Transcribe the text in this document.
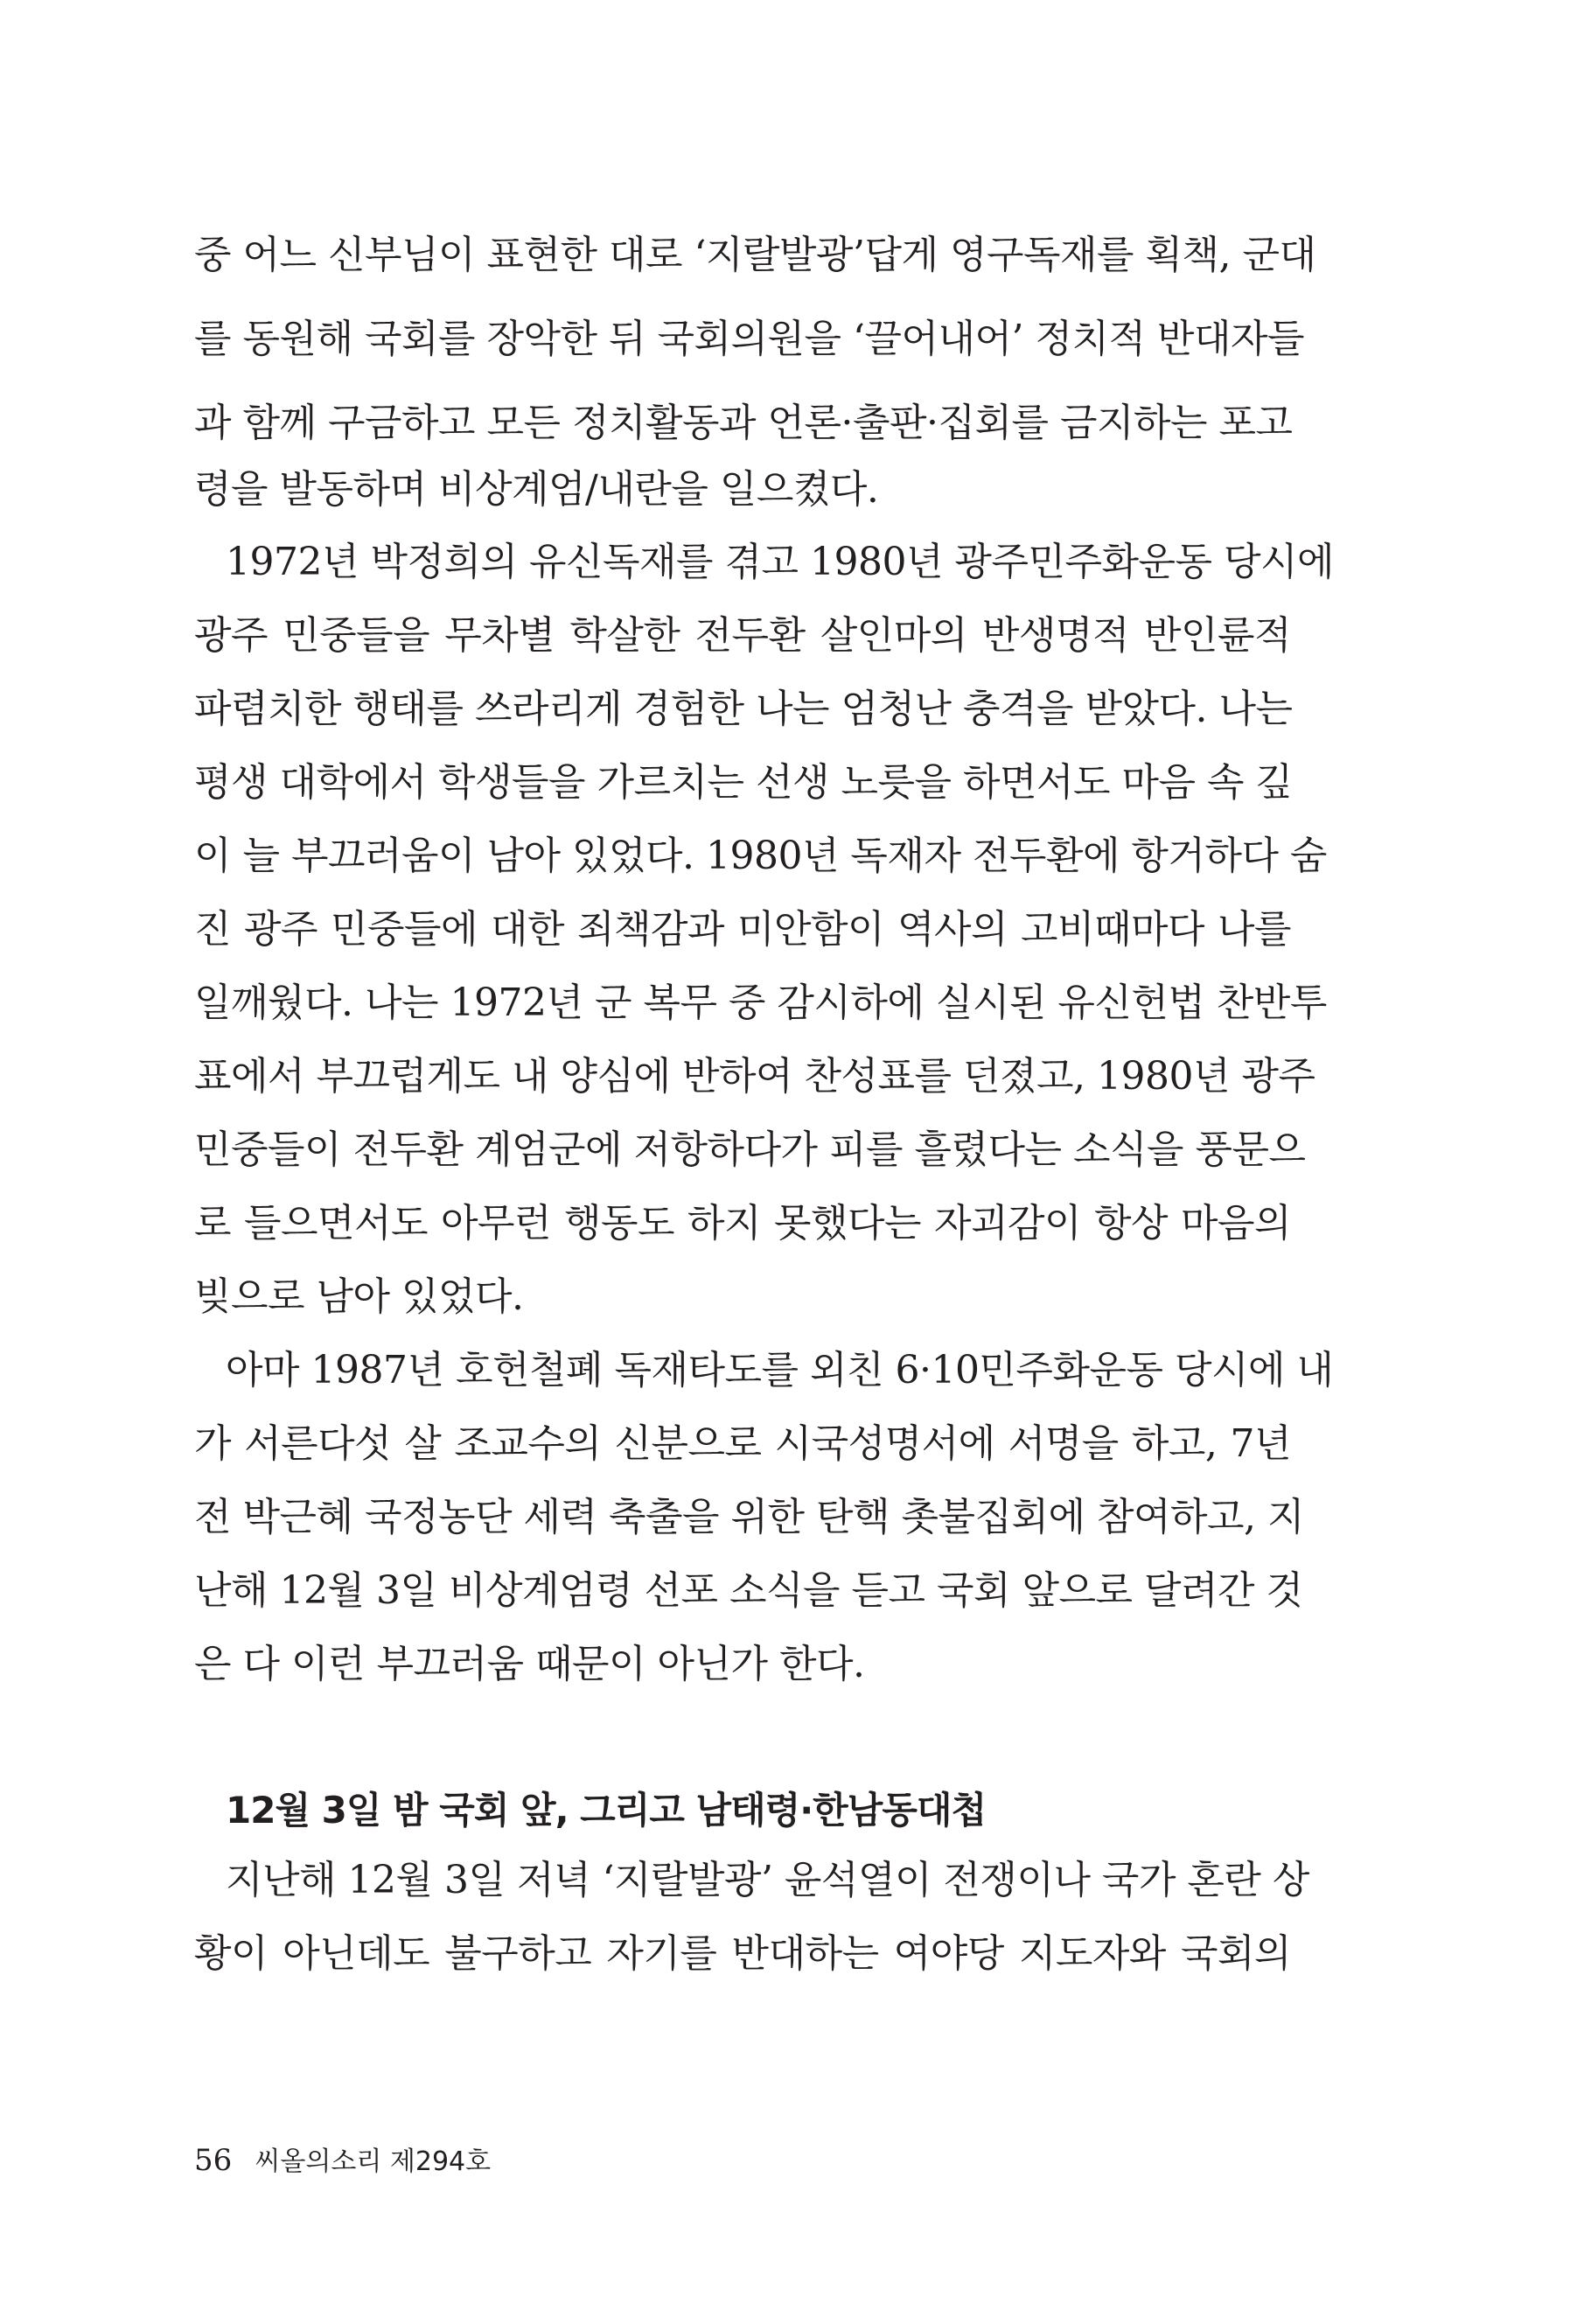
중 어느 신부님이 표현한 대로 ‘지랄발광’답게 영구독재를 획책, 군대
를 동원해 국회를 장악한 뒤 국회의원을 ‘끌어내어’ 정치적 반대자들
과 함께 구금하고 모든 정치활동과 언론·출판·집회를 금지하는 포고
령을 발동하며 비상계엄/내란을 일으켰다.
1972년 박정희의 유신독재를 겪고 1980년 광주민주화운동 당시에
광주 민중들을 무차별 학살한 전두환 살인마의 반생명적 반인륜적
파렴치한 행태를 쓰라리게 경험한 나는 엄청난 충격을 받았다. 나는
평생 대학에서 학생들을 가르치는 선생 노릇을 하면서도 마음 속 깊
이 늘 부끄러움이 남아 있었다. 1980년 독재자 전두환에 항거하다 숨
진 광주 민중들에 대한 죄책감과 미안함이 역사의 고비때마다 나를
일깨웠다. 나는 1972년 군 복무 중 감시하에 실시된 유신헌법 찬반투
표에서 부끄럽게도 내 양심에 반하여 찬성표를 던졌고, 1980년 광주
민중들이 전두환 계엄군에 저항하다가 피를 흘렸다는 소식을 풍문으
로 들으면서도 아무런 행동도 하지 못했다는 자괴감이 항상 마음의
빚으로 남아 있었다.
아마 1987년 호헌철폐 독재타도를 외친 6·10민주화운동 당시에 내
가 서른다섯 살 조교수의 신분으로 시국성명서에 서명을 하고, 7년
전 박근혜 국정농단 세력 축출을 위한 탄핵 촛불집회에 참여하고, 지
난해 12월 3일 비상계엄령 선포 소식을 듣고 국회 앞으로 달려간 것
은 다 이런 부끄러움 때문이 아닌가 한다.
12월 3일 밤 국회 앞, 그리고 남태령·한남동대첩
지난해 12월 3일 저녁 ‘지랄발광’ 윤석열이 전쟁이나 국가 혼란 상
황이 아닌데도 불구하고 자기를 반대하는 여야당 지도자와 국회의
56 씨올의소리 제294호
